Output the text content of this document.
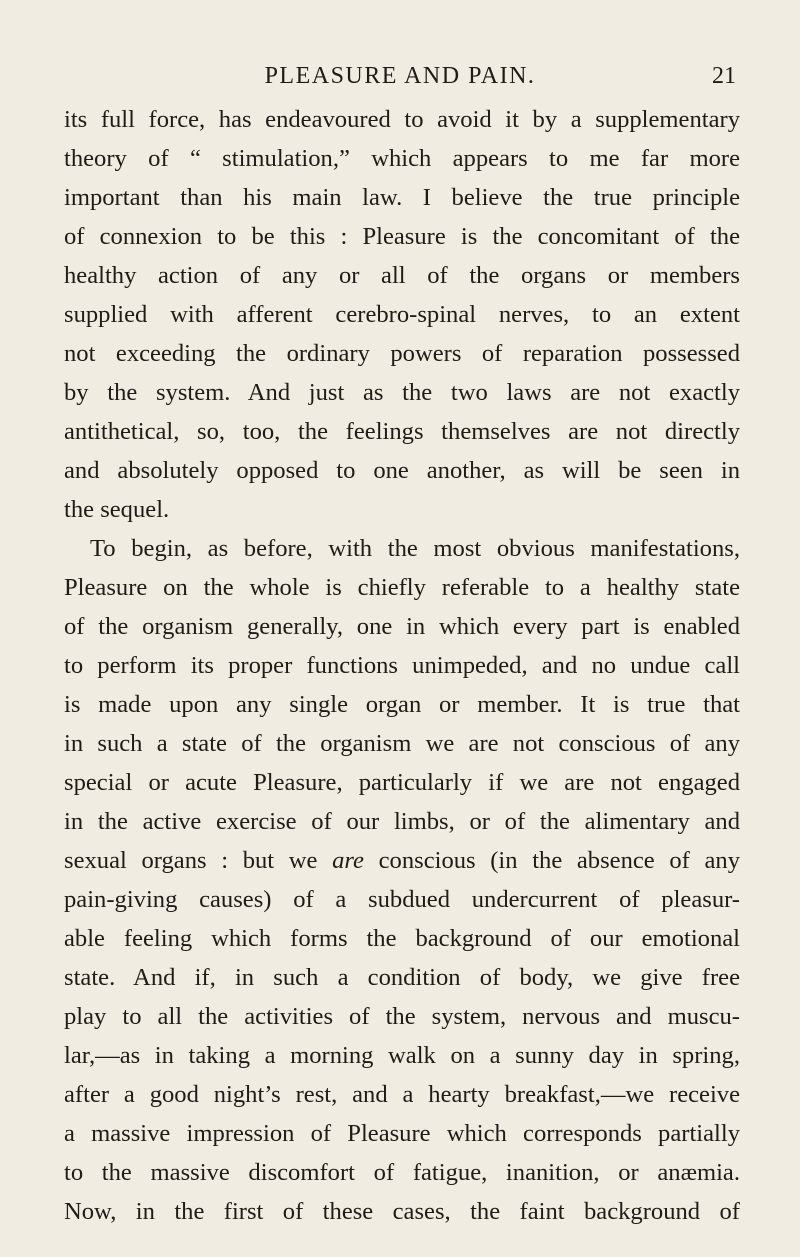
PLEASURE AND PAIN.	21
its full force, has endeavoured to avoid it by a supplementary
theory of “ stimulation,” which appears to me far more
important than his main law. I believe the true principle
of connexion to be this : Pleasure is the concomitant of the
healthy action of any or all of the organs or members
supplied with afferent cerebro-spinal nerves, to an extent
not exceeding the ordinary powers of reparation possessed
by the system. And just as the two laws are not exactly
antithetical, so, too, the feelings themselves are not directly
and absolutely opposed to one another, as will be seen in
the sequel.
To begin, as before, with the most obvious manifestations,
Pleasure on the whole is chiefly referable to a healthy state
of the organism generally, one in which every part is enabled
to perform its proper functions unimpeded, and no undue call
is made upon any single organ or member. It is true that
in such a state of the organism we are not conscious of any
special or acute Pleasure, particularly if we are not engaged
in the active exercise of our limbs, or of the alimentary and
sexual organs : but we are conscious (in the absence of any
pain-giving causes) of a subdued undercurrent of pleasur-
able feeling which forms the background of our emotional
state. And if, in such a condition of body, we give free
play to all the activities of the system, nervous and muscu-
lar,—as in taking a morning walk on a sunny day in spring,
after a good night’s rest, and a hearty breakfast,—we receive
a massive impression of Pleasure which corresponds partially
to the massive discomfort of fatigue, inanition, or anæmia.
Now, in the first of these cases, the faint background of
